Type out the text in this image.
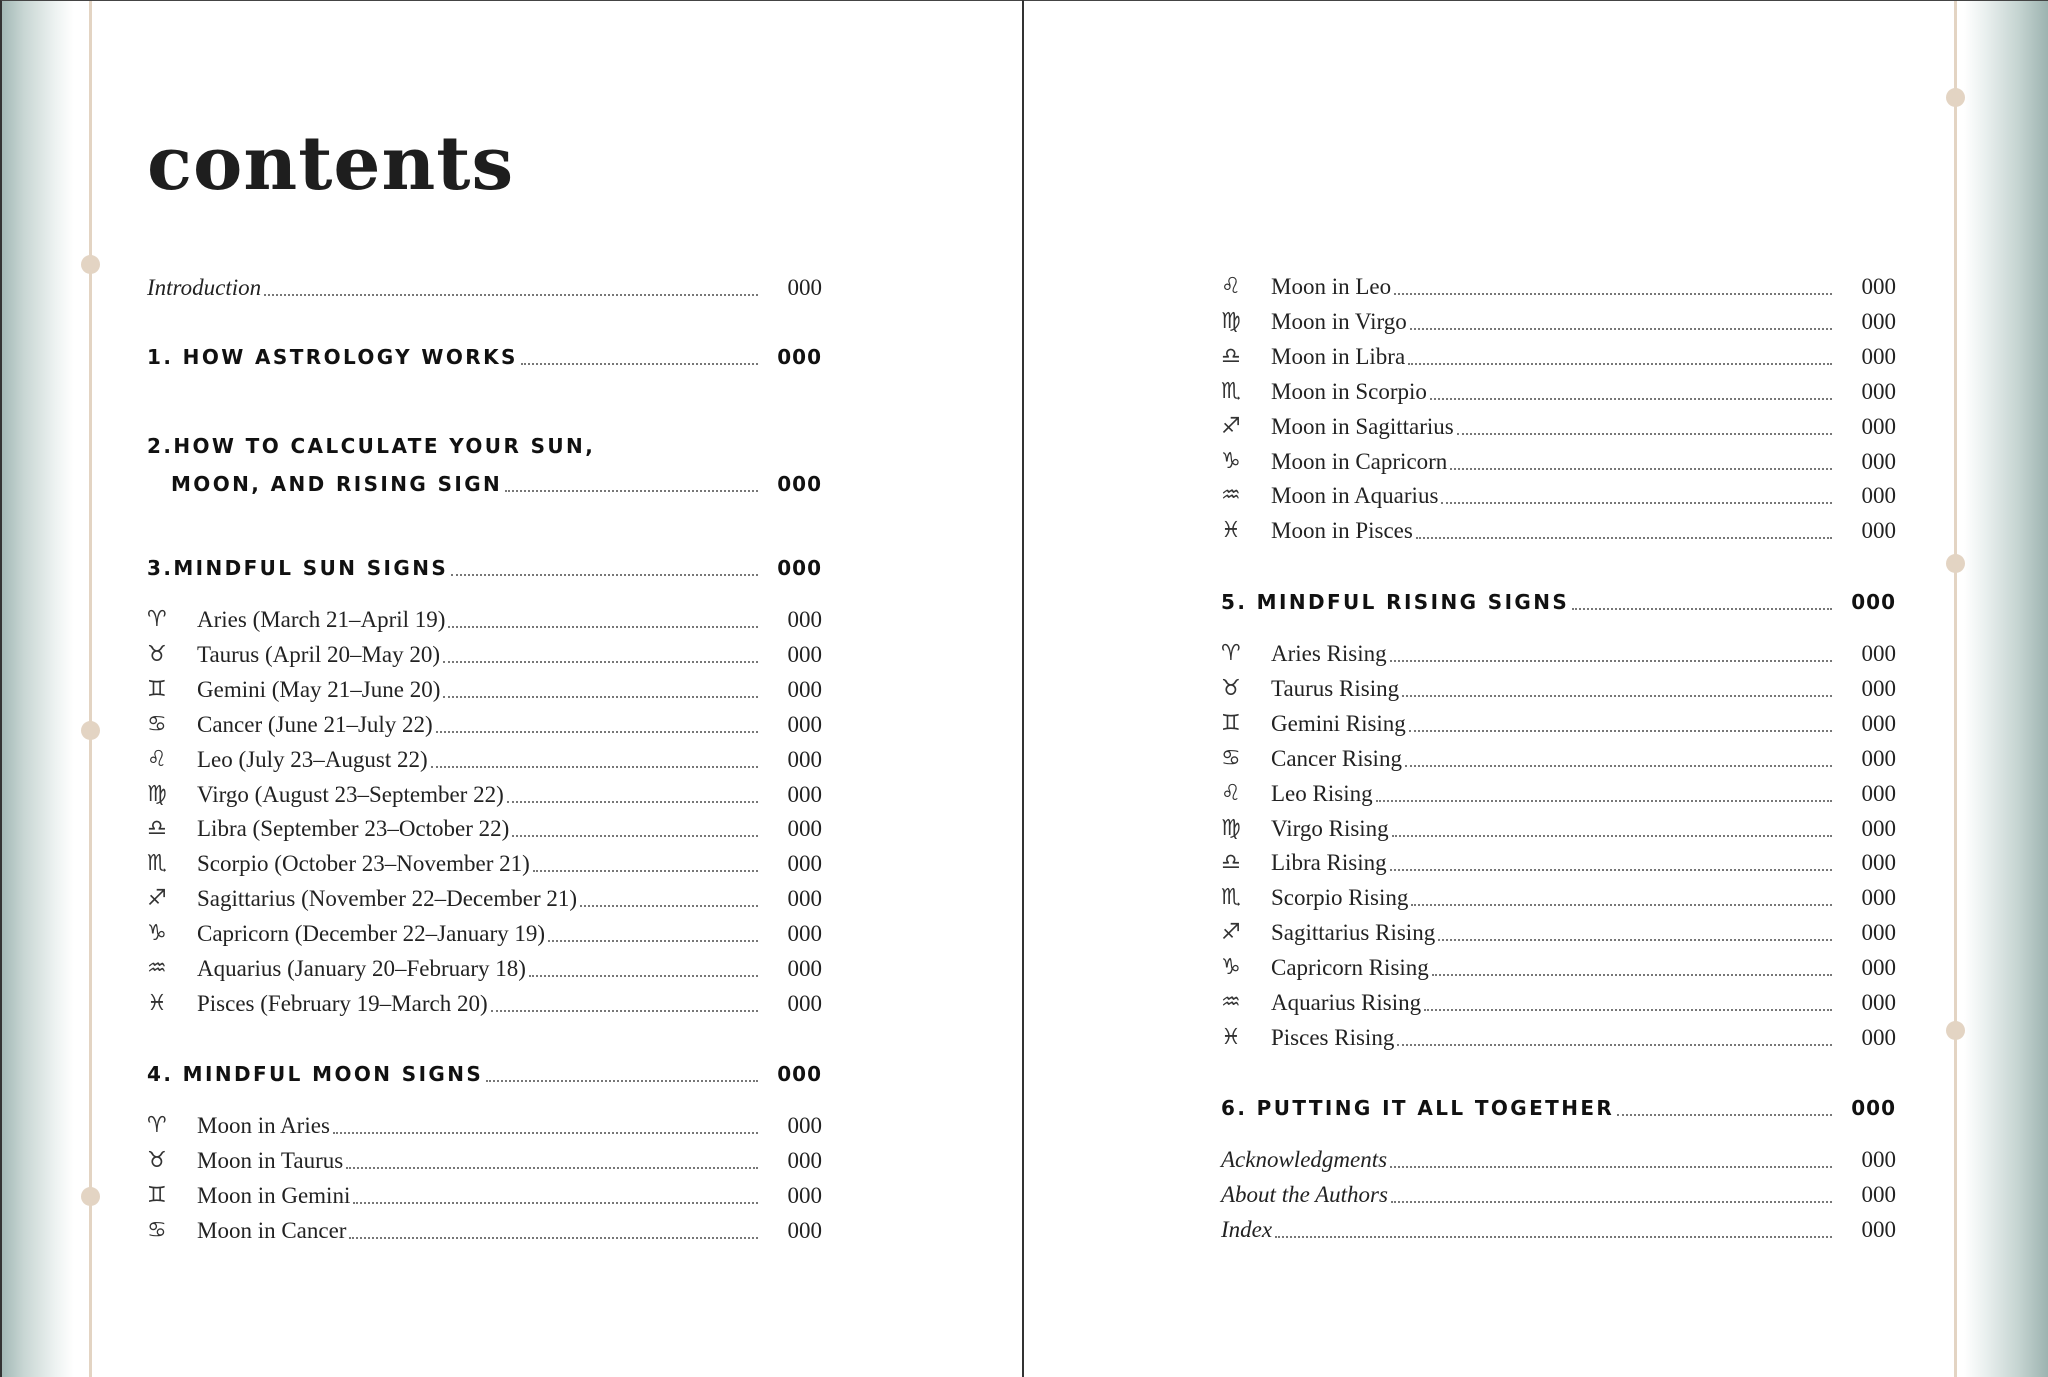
contents
Introduction	000
1. HOW ASTROLOGY WORKS	000
2.HOW TO CALCULATE YOUR SUN,
MOON, AND RISING SIGN	000
3.MINDFUL SUN SIGNS	000
♈︎	Aries (March 21–April 19)	000
♉︎	Taurus (April 20–May 20)	000
♊︎	Gemini (May 21–June 20)	000
♋︎	Cancer (June 21–July 22)	000
♌︎	Leo (July 23–August 22)	000
♍︎	Virgo (August 23–September 22)	000
♎︎	Libra (September 23–October 22)	000
♏︎	Scorpio (October 23–November 21)	000
♐︎	Sagittarius (November 22–December 21)	000
♑︎	Capricorn (December 22–January 19)	000
♒︎	Aquarius (January 20–February 18)	000
♓︎	Pisces (February 19–March 20)	000
4. MINDFUL MOON SIGNS	000
♈︎	Moon in Aries	000
♉︎	Moon in Taurus	000
♊︎	Moon in Gemini	000
♋︎	Moon in Cancer	000
♌︎	Moon in Leo	000
♍︎	Moon in Virgo	000
♎︎	Moon in Libra	000
♏︎	Moon in Scorpio	000
♐︎	Moon in Sagittarius	000
♑︎	Moon in Capricorn	000
♒︎	Moon in Aquarius	000
♓︎	Moon in Pisces	000
5. MINDFUL RISING SIGNS	000
♈︎	Aries Rising	000
♉︎	Taurus Rising	000
♊︎	Gemini Rising	000
♋︎	Cancer Rising	000
♌︎	Leo Rising	000
♍︎	Virgo Rising	000
♎︎	Libra Rising	000
♏︎	Scorpio Rising	000
♐︎	Sagittarius Rising	000
♑︎	Capricorn Rising	000
♒︎	Aquarius Rising	000
♓︎	Pisces Rising	000
6. PUTTING IT ALL TOGETHER	000
Acknowledgments	000
About the Authors	000
Index	000
